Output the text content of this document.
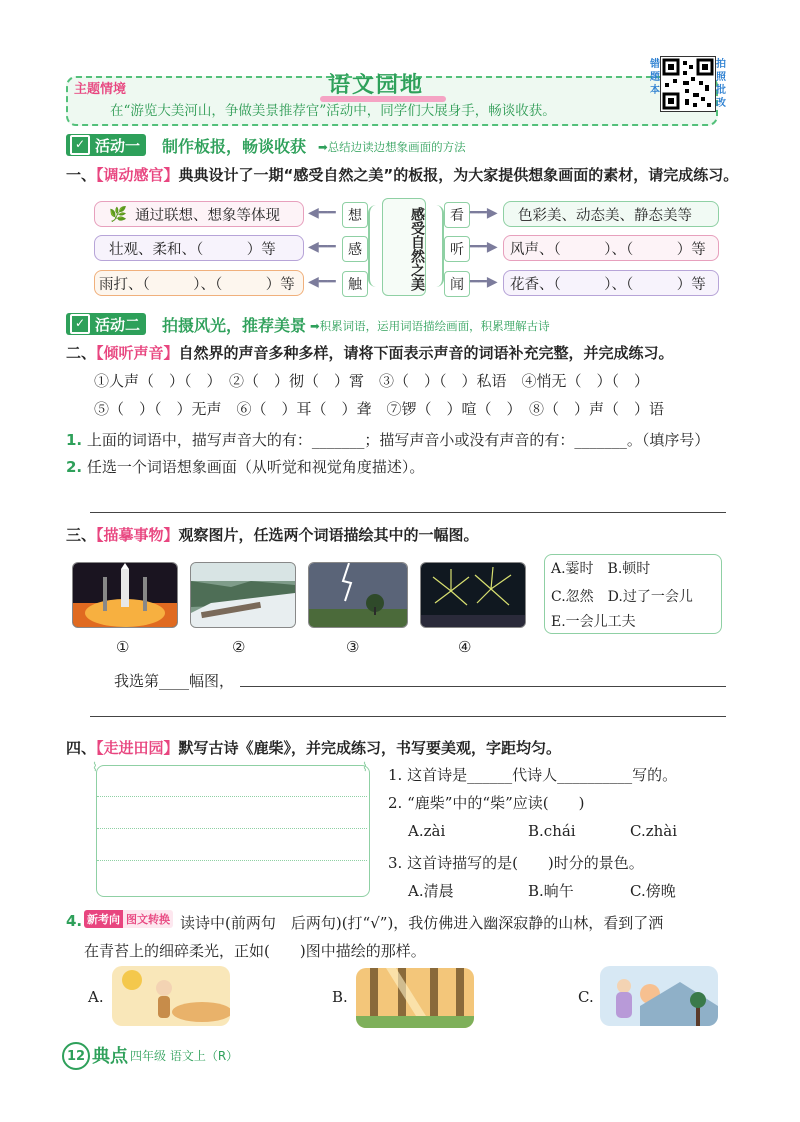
主题情境	语文园地
在“游览大美河山，争做美景推荐官”活动中，同学们大展身手，畅谈收获。
错题本
拍照批改
✓ 活动一 制作板报，畅谈收获 ➡总结边读边想象画面的方法
一、【调动感官】典典设计了一期“感受自然之美”的板报，为大家提供想象画面的素材，请完成练习。
🌿 通过联想、想象等体现
壮观、柔和、（　　　）等
雨打、（　　　）、（　　　）等
◀━━
◀━━
◀━━
想
感
触	感受自然之美	看
听
闻
━━▶
━━▶
━━▶
色彩美、动态美、静态美等
风声、（　　　）、（　　　）等
花香、（　　　）、（　　　）等
✓ 活动二 拍摄风光，推荐美景 ➡积累词语，运用词语描绘画面，积累理解古诗
二、【倾听声音】自然界的声音多种多样，请将下面表示声音的词语补充完整，并完成练习。
①人声（　）（　）　②（　）彻（　）霄　③（　）（　）私语　④悄无（　）（　）
⑤（　）（　）无声　⑥（　）耳（　）聋　⑦锣（　）喧（　）　⑧（　）声（　）语
1. 上面的词语中，描写声音大的有：_______；描写声音小或没有声音的有：_______。（填序号）
2. 任选一个词语想象画面（从听觉和视觉角度描述）。
三、【描摹事物】观察图片，任选两个词语描绘其中的一幅图。
A.霎时　B.顿时
C.忽然　D.过了一会儿
E.一会儿工夫
①	②	③	④
我选第____幅图，
四、【走进田园】默写古诗《鹿柴》，并完成练习，书写要美观，字距均匀。
⌇	⌇ 1. 这首诗是______代诗人__________写的。
2. “鹿柴”中的“柴”应读(　　)
A.zài	B.chái	C.zhài
3. 这首诗描写的是(　　)时分的景色。
A.清晨	B.晌午	C.傍晚
4. 新考向 图文转换 读诗中(前两句　后两句)(打“√”)，我仿佛进入幽深寂静的山林，看到了洒
在青苔上的细碎柔光，正如(　　)图中描绘的那样。
A.	B.	C.
12 典点 四年级 语文上（R）
